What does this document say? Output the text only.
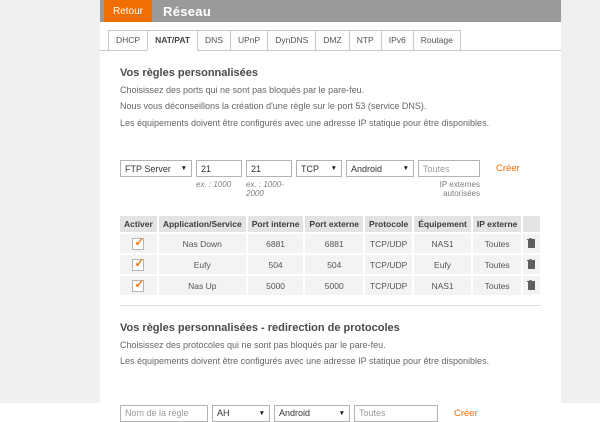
Retour	Réseau
DHCP	NAT/PAT	DNS	UPnP	DynDNS	DMZ	NTP	IPv6	Routage
Vos règles personnalisées

Choisissez des ports qui ne sont pas bloqués par le pare-feu.

Nous vous déconseillons la création d'une règle sur le port 53 (service DNS).

Les équipements doivent être configurés avec une adresse IP statique pour être disponibles.

FTP Server ▼
21
ex. : 1000
21	ex. : 1000-2000
TCP ▼ Android	▼
Toutes
IP externes autorisées
Créer
Activer	Application/Service	Port interne	Port externe	Protocole	Équipement	IP externe	

✓	Nas Down	6881	6881	TCP/UDP	NAS1	Toutes	

✓	Eufy	504	504	TCP/UDP	Eufy	Toutes	

✓	Nas Up	5000	5000	TCP/UDP	NAS1	Toutes	
Vos règles personnalisées - redirection de protocoles

Choisissez des protocoles qui ne sont pas bloqués par le pare-feu.

Les équipements doivent être configurés avec une adresse IP statique pour être disponibles.

Nom de la règle
AH	▼ Android	▼
Toutes	Créer
